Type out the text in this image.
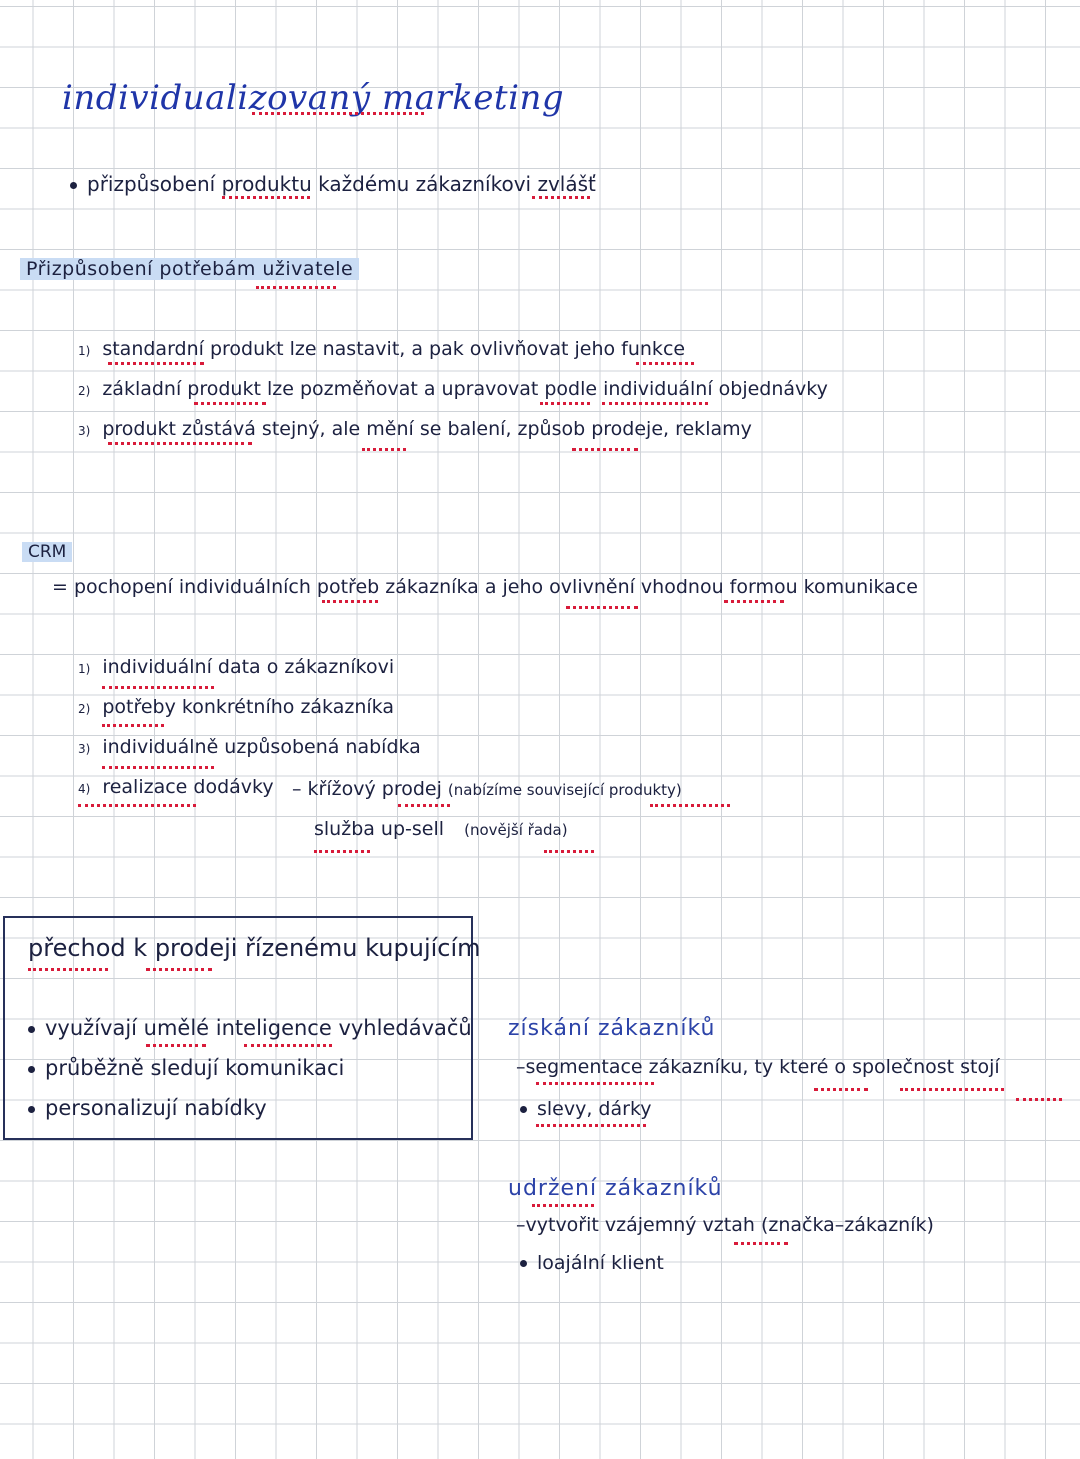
individualizovaný marketing
přizpůsobení produktu každému zákazníkovi zvlášť
Přizpůsobení potřebám uživatele
1) standardní produkt lze nastavit, a pak ovlivňovat jeho funkce
2) základní produkt lze pozměňovat a upravovat podle individuální objednávky
3) produkt zůstává stejný, ale mění se balení, způsob prodeje, reklamy
CRM
= pochopení individuálních potřeb zákazníka a jeho ovlivnění vhodnou formou komunikace
1) individuální data o zákazníkovi
2) potřeby konkrétního zákazníka
3) individuálně uzpůsobená nabídka
4) realizace dodávky – křížový prodej (nabízíme související produkty)
služba up-sell (novější řada)
přechod k prodeji řízenému kupujícím
využívají umělé inteligence vyhledávačů
průběžně sledují komunikaci
personalizují nabídky
získání zákazníků
–segmentace zákazníku, ty které o společnost stojí
slevy, dárky
udržení zákazníků
–vytvořit vzájemný vztah (značka–zákazník)
loajální klient
